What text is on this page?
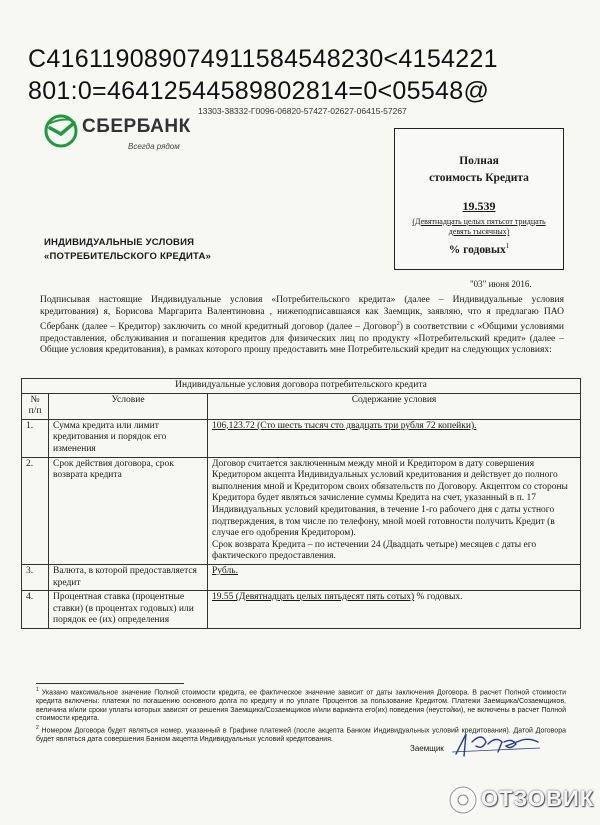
C41611908907491158454823​0<4154221
801:0=4641254458980281​4=0<05548@
13303-38332-Г0096-06820-57427-02627-06415-57267
СБЕРБАНК
Всегда рядом
Полная
стоимость Кредита
19.539
(Девятнадцать целых пятьсот тридцать девять тысячных)
% годовых$^1$
ИНДИВИДУАЛЬНЫЕ УСЛОВИЯ
«ПОТРЕБИТЕЛЬСКОГО КРЕДИТА»
"03" июня 2016.
Подписывая настоящие Индивидуальные условия «Потребительского кредита» (далее – Индивидуальные условия кредитования) я, Борисова Маргарита Валентиновна , нижеподписавшаяся как Заемщик, заявляю, что я предлагаю ПАО Сбербанк (далее – Кредитор) заключить со мной кредитный договор (далее – Договор$^2$) в соответствии с «Общими условиями предоставления, обслуживания и погашения кредитов для физических лиц по продукту «Потребительский кредит» (далее – Общие условия кредитования), в рамках которого прошу предоставить мне Потребительский кредит на следующих условиях:
Индивидуальные условия договора потребительского кредита		
№ п/п	Условие	Содержание условия
1.	Сумма кредита или лимит кредитования и порядок его изменения	106,123.72 (Сто шесть тысяч сто двадцать три рубля 72 копейки).
2.	Срок действия договора, срок возврата кредита	Договор считается заключенным между мной и Кредитором в дату совершения Кредитором акцепта Индивидуальных условий кредитования и действует до полного выполнения мной и Кредитором своих обязательств по Договору. Акцептом со стороны Кредитора будет являться зачисление суммы Кредита на счет, указанный в п. 17 Индивидуальных условий кредитования, в течение 1-го рабочего дня с даты устного подтверждения, в том числе по телефону, мной моей готовности получить Кредит (в случае его одобрения Кредитором).
Срок возврата Кредита – по истечении 24 (Двадцать четыре) месяцев с даты его фактического предоставления.

3.	Валюта, в которой предоставляется кредит	Рубль.
4.	Процентная ставка (процентные ставки) (в процентах годовых) или порядок ее (их) определения	19.55 (Девятнадцать целых пятьдесят пять сотых) % годовых.
$^1$ Указано максимальное значение Полной стоимости кредита, ее фактическое значение зависит от даты заключения Договора. В расчет Полной стоимости кредита включены: платежи по погашению основного долга по кредиту и по уплате Процентов за пользование Кредитом. Платежи Заемщика/Созаемщиков, величина и/или сроки уплаты которых зависят от решения Заемщика/Созаемщиков и/или варианта его(их) поведения (неустойки), не включены в расчет Полной стоимости кредита.
$^2$ Номером Договора будет являться номер, указанный в Графике платежей (после акцепта Банком Индивидуальных условий кредитования). Датой Договора будет являться дата совершения Банком акцепта Индивидуальных условий кредитования.
Заемщик
ОТЗОВИК
